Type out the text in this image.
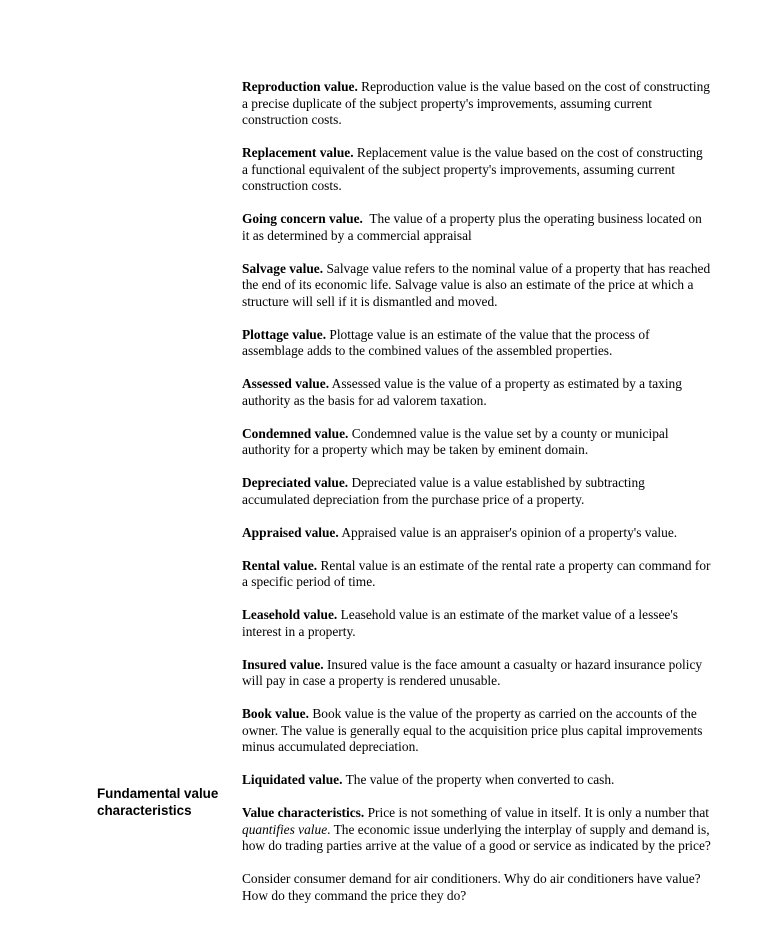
Reproduction value. Reproduction value is the value based on the cost of constructing a precise duplicate of the subject property's improvements, assuming current construction costs.

Replacement value. Replacement value is the value based on the cost of constructing a functional equivalent of the subject property's improvements, assuming current construction costs.

Going concern value.  The value of a property plus the operating business located on it as determined by a commercial appraisal

Salvage value. Salvage value refers to the nominal value of a property that has reached the end of its economic life. Salvage value is also an estimate of the price at which a structure will sell if it is dismantled and moved.

Plottage value. Plottage value is an estimate of the value that the process of assemblage adds to the combined values of the assembled properties.

Assessed value. Assessed value is the value of a property as estimated by a taxing authority as the basis for ad valorem taxation.

Condemned value. Condemned value is the value set by a county or municipal authority for a property which may be taken by eminent domain.

Depreciated value. Depreciated value is a value established by subtracting accumulated depreciation from the purchase price of a property.

Appraised value. Appraised value is an appraiser's opinion of a property's value.

Rental value. Rental value is an estimate of the rental rate a property can command for a specific period of time.

Leasehold value. Leasehold value is an estimate of the market value of a lessee's interest in a property.

Insured value. Insured value is the face amount a casualty or hazard insurance policy will pay in case a property is rendered unusable.

Book value. Book value is the value of the property as carried on the accounts of the owner. The value is generally equal to the acquisition price plus capital improvements minus accumulated depreciation.

Liquidated value. The value of the property when converted to cash.

Value characteristics. Price is not something of value in itself. It is only a number that quantifies value. The economic issue underlying the interplay of supply and demand is, how do trading parties arrive at the value of a good or service as indicated by the price?

Consider consumer demand for air conditioners. Why do air conditioners have value? How do they command the price they do?

Fundamental value
characteristics
